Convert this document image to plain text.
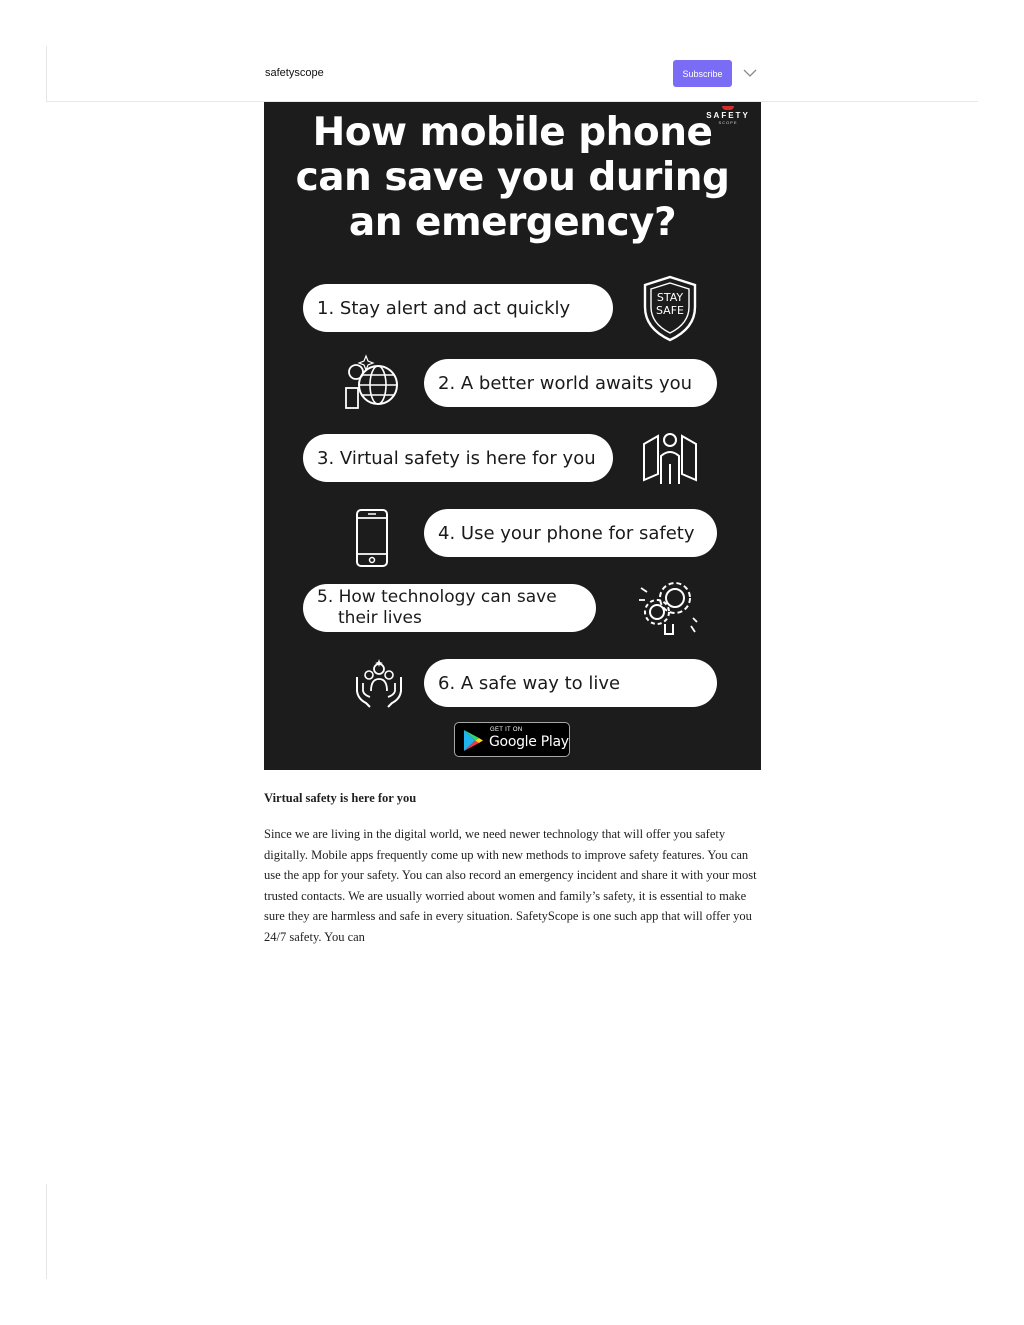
safetyscope	Subscribe
SAFETY
SCOPE
How mobile phone
can save you during
an emergency?
1. Stay alert and act quickly	STAY
SAFE
2. A better world awaits you
3. Virtual safety is here for you
4. Use your phone for safety
5. How technology can save
their lives
6. A safe way to live
GET IT ON
Google Play
Virtual safety is here for you

Since we are living in the digital world, we need newer technology that will offer you safety digitally. Mobile apps frequently come up with new methods to improve safety features. You can use the app for your safety. You can also record an emergency incident and share it with your most trusted contacts. We are usually worried about women and family’s safety, it is essential to make sure they are harmless and safe in every situation. SafetyScope is one such app that will offer you 24/7 safety. You can
